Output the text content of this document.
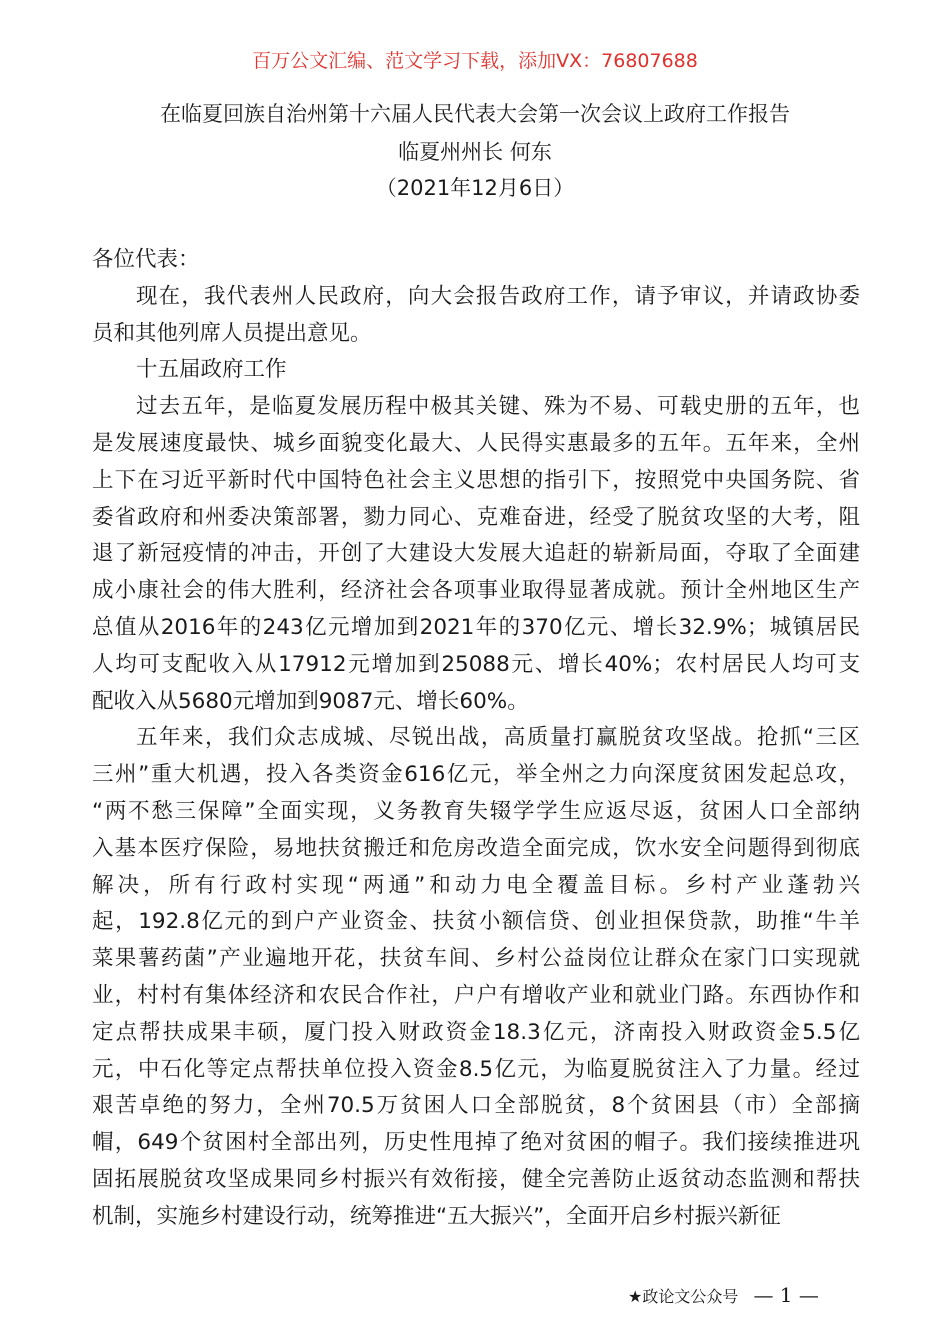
百万公文汇编、范文学习下载，添加VX：76807688
在临夏回族自治州第十六届人民代表大会第一次会议上政府工作报告
临夏州州长 何东
（2021年12月6日）
各位代表：
现在，我代表州人民政府，向大会报告政府工作，请予审议，并请政协委
员和其他列席人员提出意见。
十五届政府工作
过去五年，是临夏发展历程中极其关键、殊为不易、可载史册的五年，也
是发展速度最快、城乡面貌变化最大、人民得实惠最多的五年。五年来，全州
上下在习近平新时代中国特色社会主义思想的指引下，按照党中央国务院、省
委省政府和州委决策部署，勠力同心、克难奋进，经受了脱贫攻坚的大考，阻
退了新冠疫情的冲击，开创了大建设大发展大追赶的崭新局面，夺取了全面建
成小康社会的伟大胜利，经济社会各项事业取得显著成就。预计全州地区生产
总值从2016年的243亿元增加到2021年的370亿元、增长32.9%；城镇居民
人均可支配收入从17912元增加到25088元、增长40%；农村居民人均可支
配收入从5680元增加到9087元、增长60%。
五年来，我们众志成城、尽锐出战，高质量打赢脱贫攻坚战。抢抓“三区
三州”重大机遇，投入各类资金616亿元，举全州之力向深度贫困发起总攻，
“两不愁三保障”全面实现，义务教育失辍学学生应返尽返，贫困人口全部纳
入基本医疗保险，易地扶贫搬迁和危房改造全面完成，饮水安全问题得到彻底
解决，所有行政村实现“两通”和动力电全覆盖目标。乡村产业蓬勃兴
起，192.8亿元的到户产业资金、扶贫小额信贷、创业担保贷款，助推“牛羊
菜果薯药菌”产业遍地开花，扶贫车间、乡村公益岗位让群众在家门口实现就
业，村村有集体经济和农民合作社，户户有增收产业和就业门路。东西协作和
定点帮扶成果丰硕，厦门投入财政资金18.3亿元，济南投入财政资金5.5亿
元，中石化等定点帮扶单位投入资金8.5亿元，为临夏脱贫注入了力量。经过
艰苦卓绝的努力，全州70.5万贫困人口全部脱贫，8个贫困县（市）全部摘
帽，649个贫困村全部出列，历史性甩掉了绝对贫困的帽子。我们接续推进巩
固拓展脱贫攻坚成果同乡村振兴有效衔接，健全完善防止返贫动态监测和帮扶
机制，实施乡村建设行动，统筹推进“五大振兴”，全面开启乡村振兴新征
★政论文公众号 — 1 —
